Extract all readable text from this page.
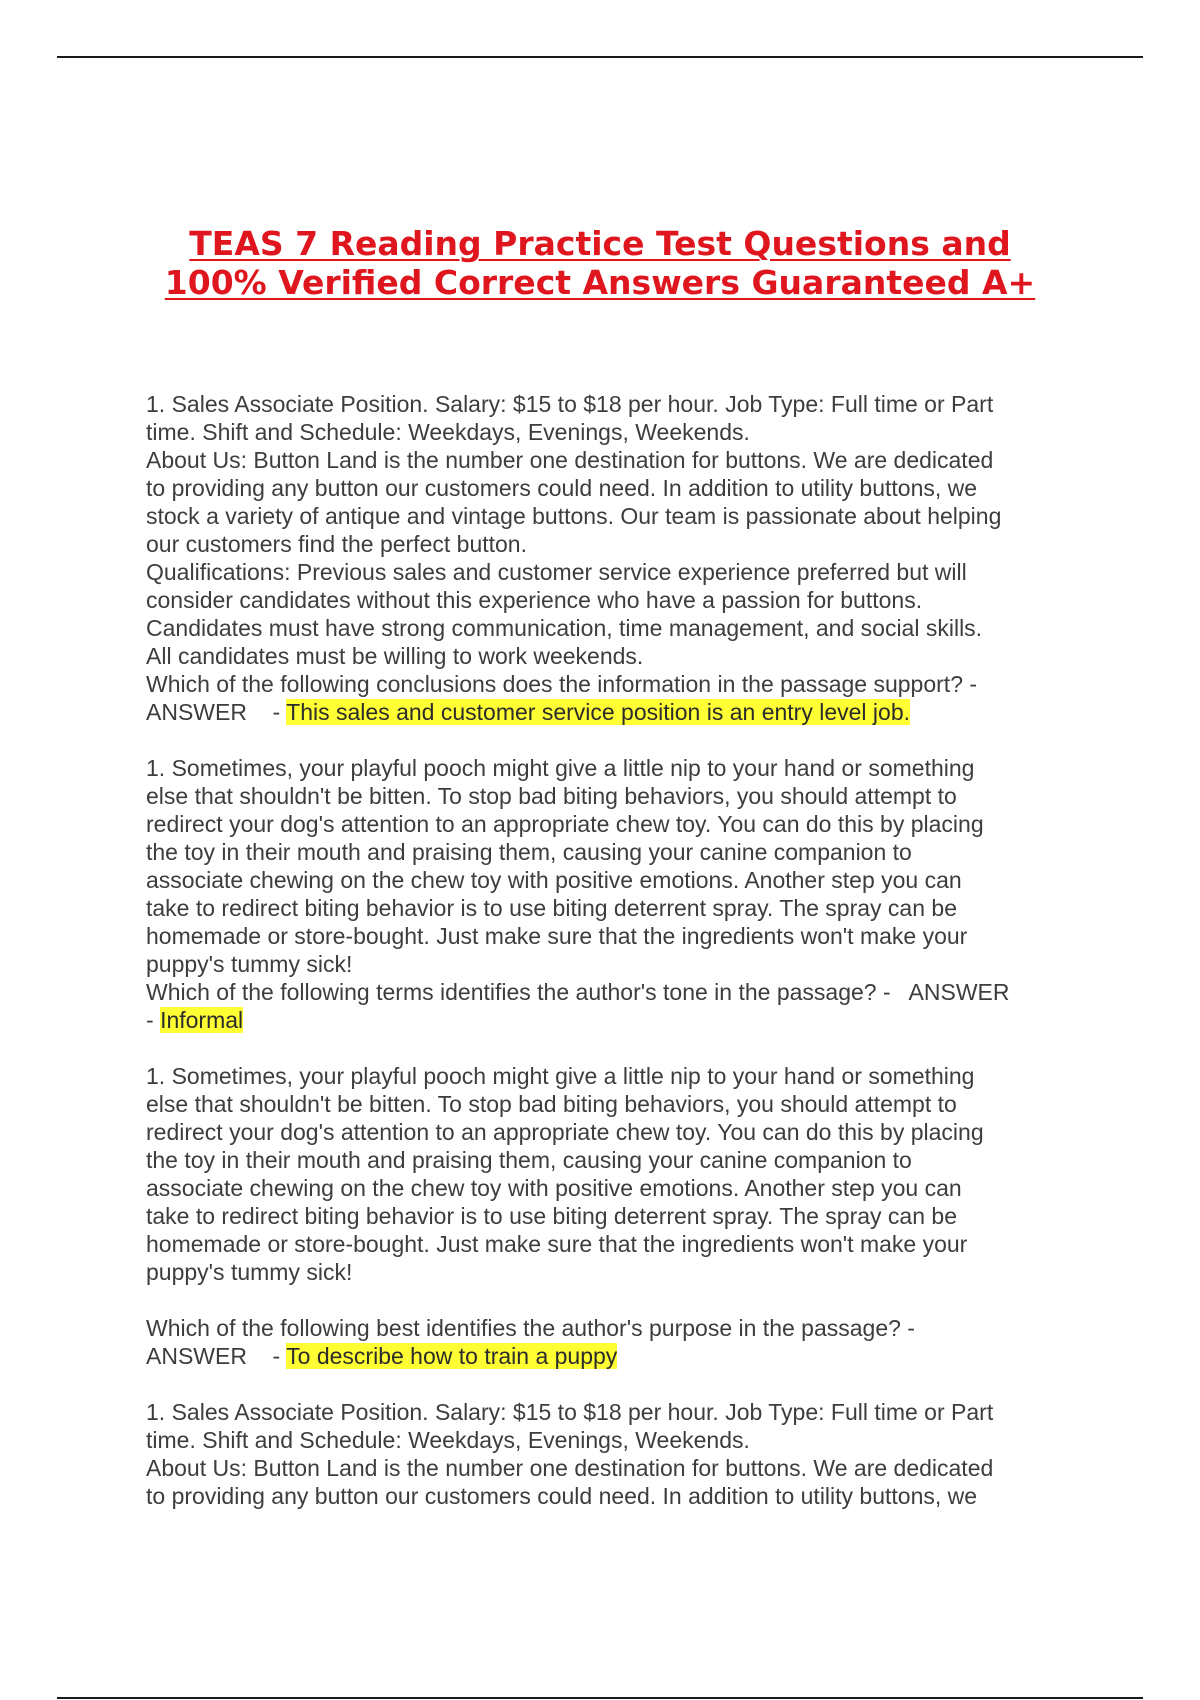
TEAS 7 Reading Practice Test Questions and
100% Verified Correct Answers Guaranteed A+
1. Sales Associate Position. Salary: $15 to $18 per hour. Job Type: Full time or Part
time. Shift and Schedule: Weekdays, Evenings, Weekends.
About Us: Button Land is the number one destination for buttons. We are dedicated
to providing any button our customers could need. In addition to utility buttons, we
stock a variety of antique and vintage buttons. Our team is passionate about helping
our customers find the perfect button.
Qualifications: Previous sales and customer service experience preferred but will
consider candidates without this experience who have a passion for buttons.
Candidates must have strong communication, time management, and social skills.
All candidates must be willing to work weekends.
Which of the following conclusions does the information in the passage support? -
ANSWER    - This sales and customer service position is an entry level job.
1. Sometimes, your playful pooch might give a little nip to your hand or something
else that shouldn't be bitten. To stop bad biting behaviors, you should attempt to
redirect your dog's attention to an appropriate chew toy. You can do this by placing
the toy in their mouth and praising them, causing your canine companion to
associate chewing on the chew toy with positive emotions. Another step you can
take to redirect biting behavior is to use biting deterrent spray. The spray can be
homemade or store-bought. Just make sure that the ingredients won't make your
puppy's tummy sick!
Which of the following terms identifies the author's tone in the passage? -   ANSWER
- Informal
1. Sometimes, your playful pooch might give a little nip to your hand or something
else that shouldn't be bitten. To stop bad biting behaviors, you should attempt to
redirect your dog's attention to an appropriate chew toy. You can do this by placing
the toy in their mouth and praising them, causing your canine companion to
associate chewing on the chew toy with positive emotions. Another step you can
take to redirect biting behavior is to use biting deterrent spray. The spray can be
homemade or store-bought. Just make sure that the ingredients won't make your
puppy's tummy sick!

Which of the following best identifies the author's purpose in the passage? -
ANSWER    - To describe how to train a puppy
1. Sales Associate Position. Salary: $15 to $18 per hour. Job Type: Full time or Part
time. Shift and Schedule: Weekdays, Evenings, Weekends.
About Us: Button Land is the number one destination for buttons. We are dedicated
to providing any button our customers could need. In addition to utility buttons, we
